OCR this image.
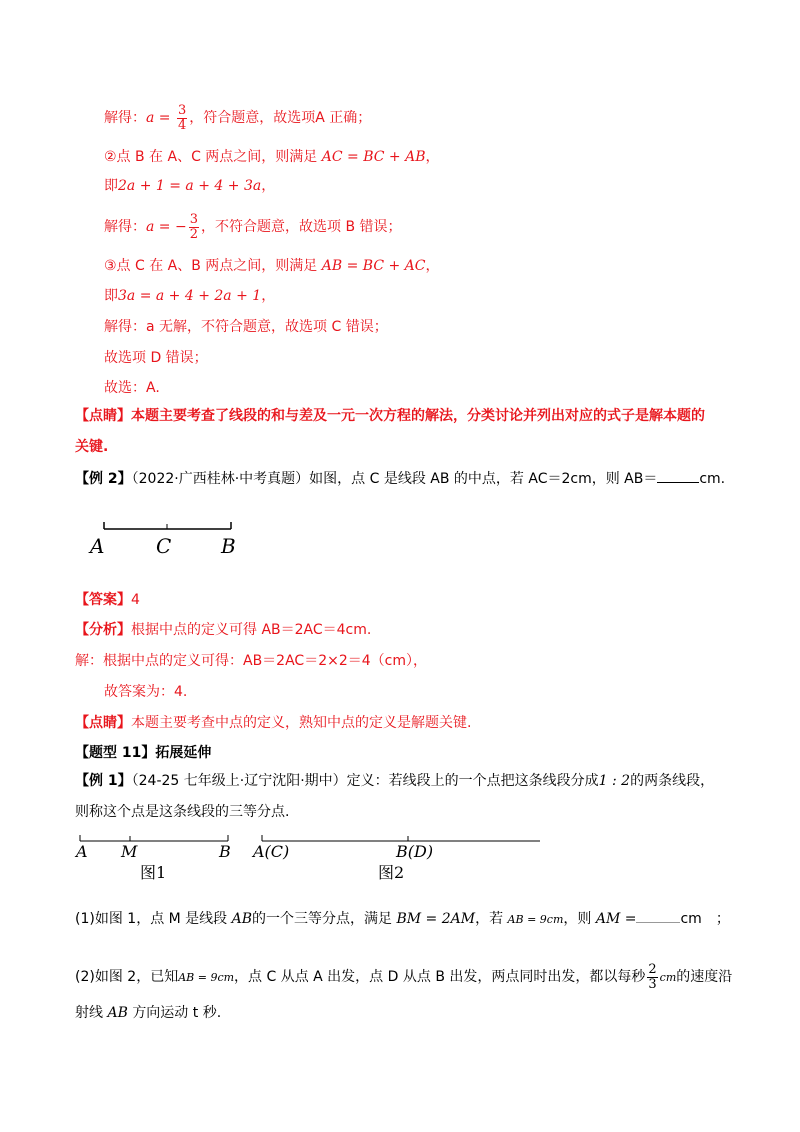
解得：$a = \frac{3}{4}$ ，符合题意，故选项A 正确；
②点 B 在 A、C 两点之间，则满足 AC = BC + AB，
即2a + 1 = a + 4 + 3a，
解得：a = − $\frac{3}{2}$ ，不符合题意，故选项 B 错误；
③点 C 在 A、B 两点之间，则满足 AB = BC + AC，
即3a = a + 4 + 2a + 1，
解得：a 无解，不符合题意，故选项 C 错误；
故选项 D 错误；
故选：A.
【点睛】本题主要考查了线段的和与差及一元一次方程的解法，分类讨论并列出对应的式子是解本题的
关键.
【例 2】（2022·广西桂林·中考真题）如图，点 C 是线段 AB 的中点，若 AC＝2cm，则 AB＝	cm.
A	C B
【答案】4
【分析】根据中点的定义可得 AB＝2AC＝4cm.
解：根据中点的定义可得：AB＝2AC＝2×2＝4（cm），
故答案为：4.
【点睛】本题主要考查中点的定义，熟知中点的定义是解题关键.
【题型 11】拓展延伸
【例 1】（24-25 七年级上·辽宁沈阳·期中）定义：若线段上的一个点把这条线段分成1 : 2的两条线段，
则称这个点是这条线段的三等分点.
A M	B
图1
A(C)	B(D)
图2
(1)如图 1，点 M 是线段 AB的一个三等分点，满足 BM = 2AM，若 AB = 9cm，则 AM =	cm ；
(2)如图 2，已知AB = 9cm，点 C 从点 A 出发，点 D 从点 B 出发，两点同时出发，都以每秒 $\frac{2}{3}$ cm的速度沿
射线 AB 方向运动 t 秒.
